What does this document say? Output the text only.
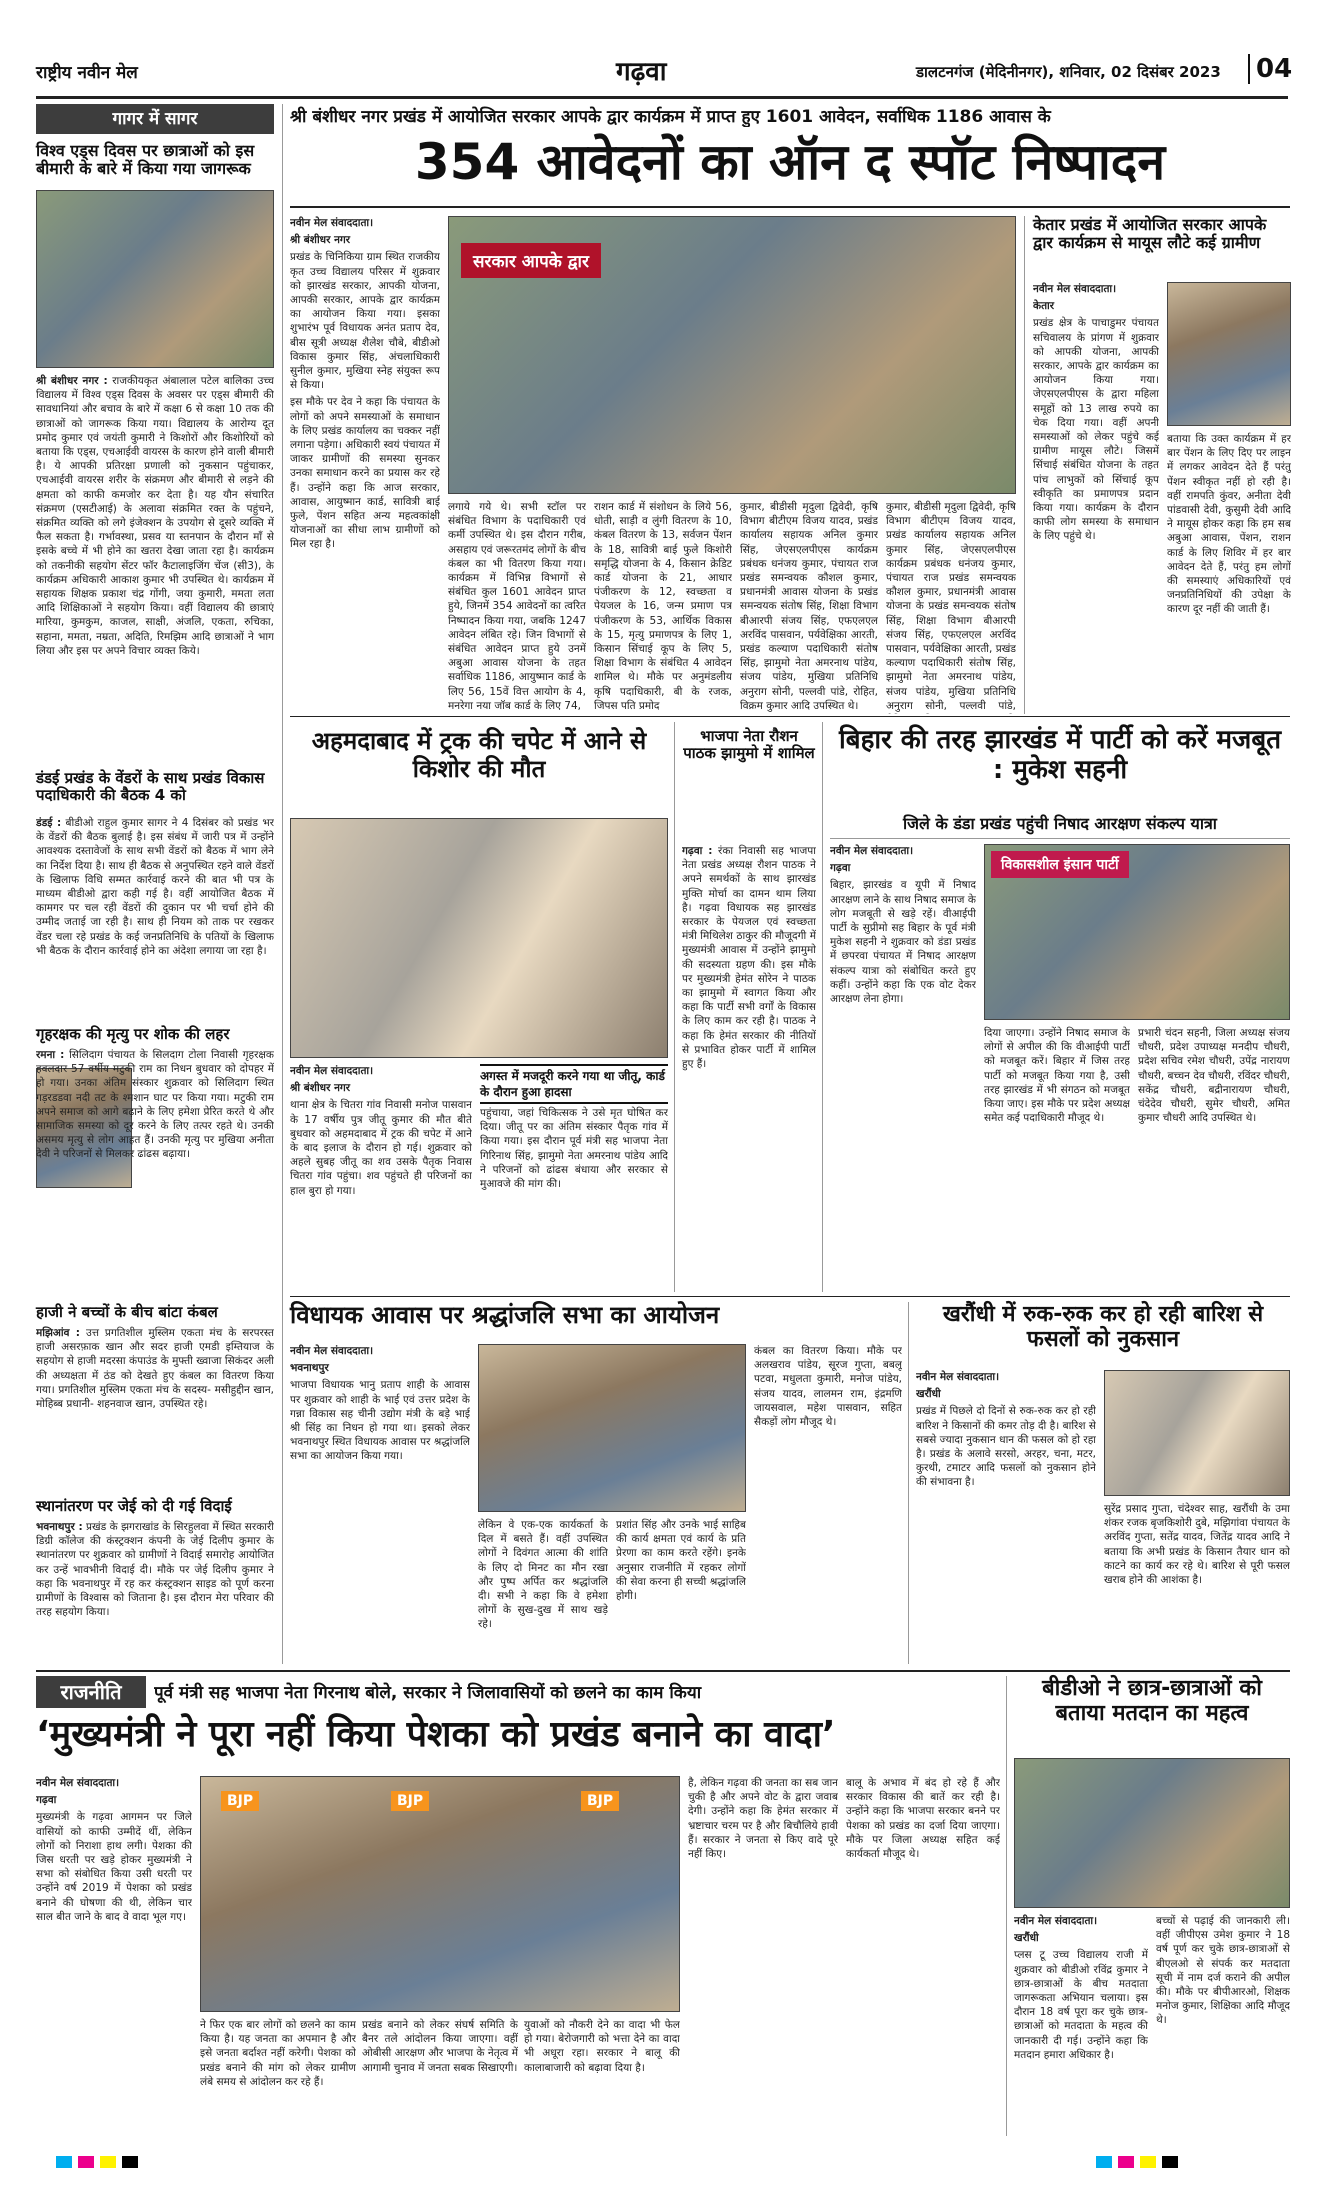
राष्ट्रीय नवीन मेल	गढ़वा	डालटनगंज (मेदिनीनगर), शनिवार, 02 दिसंबर 2023	04
गागर में सागर
विश्व एड्स दिवस पर छात्राओं को इस बीमारी के बारे में किया गया जागरूक
श्री बंशीधर नगर : राजकीयकृत अंबालाल पटेल बालिका उच्च विद्यालय में विश्व एड्स दिवस के अवसर पर एड्स बीमारी की सावधानियां और बचाव के बारे में कक्षा 6 से कक्षा 10 तक की छात्राओं को जागरूक किया गया। विद्यालय के आरोग्य दूत प्रमोद कुमार एवं जयंती कुमारी ने किशोरों और किशोरियों को बताया कि एड्स, एचआईवी वायरस के कारण होने वाली बीमारी है। ये आपकी प्रतिरक्षा प्रणाली को नुकसान पहुंचाकर, एचआईवी वायरस शरीर के संक्रमण और बीमारी से लड़ने की क्षमता को काफी कमजोर कर देता है। यह यौन संचारित संक्रमण (एसटीआई) के अलावा संक्रमित रक्त के पहुंचने, संक्रमित व्यक्ति को लगे इंजेक्शन के उपयोग से दूसरे व्यक्ति में फैल सकता है। गर्भावस्था, प्रसव या स्तनपान के दौरान माँ से इसके बच्चे में भी होने का खतरा देखा जाता रहा है। कार्यक्रम को तकनीकी सहयोग सेंटर फॉर कैटालाइजिंग चेंज (सी3), के कार्यक्रम अधिकारी आकाश कुमार भी उपस्थित थे। कार्यक्रम में सहायक शिक्षक प्रकाश चंद्र गोंगी, जया कुमारी, ममता लता आदि शिक्षिकाओं ने सहयोग किया। वहीं विद्यालय की छात्राएं मारिया, कुमकुम, काजल, साक्षी, अंजलि, एकता, रुचिका, सहाना, ममता, नम्रता, अदिति, रिमझिम आदि छात्राओं ने भाग लिया और इस पर अपने विचार व्यक्त किये।
डंडई प्रखंड के वेंडरों के साथ प्रखंड विकास पदाधिकारी की बैठक 4 को
डंडई : बीडीओ राहुल कुमार सागर ने 4 दिसंबर को प्रखंड भर के वेंडरों की बैठक बुलाई है। इस संबंध में जारी पत्र में उन्होंने आवश्यक दस्तावेजों के साथ सभी वेंडरों को बैठक में भाग लेने का निर्देश दिया है। साथ ही बैठक से अनुपस्थित रहने वाले वेंडरों के खिलाफ विधि सम्मत कार्रवाई करने की बात भी पत्र के माध्यम बीडीओ द्वारा कही गई है। वहीं आयोजित बैठक में कामगर पर चल रही वेंडरों की दुकान पर भी चर्चा होने की उम्मीद जताई जा रही है। साथ ही नियम को ताक पर रखकर वेंडर चला रहे प्रखंड के कई जनप्रतिनिधि के पतियों के खिलाफ भी बैठक के दौरान कार्रवाई होने का अंदेशा लगाया जा रहा है।
गृहरक्षक की मृत्यु पर शोक की लहर
रमना : सिलिदाग पंचायत के सिलदाग टोला निवासी गृहरक्षक हवलदार 57 वर्षीय मटुकी राम का निधन बुधवार को दोपहर में हो गया। उनका अंतिम संस्कार शुक्रवार को सिलिदाग स्थित गड़रडडवा नदी तट के श्मशान घाट पर किया गया। मटुकी राम अपने समाज को आगे बढ़ाने के लिए हमेशा प्रेरित करते थे और सामाजिक समस्या को दूर करने के लिए तत्पर रहते थे। उनकी असमय मृत्यु से लोग आहत हैं। उनकी मृत्यु पर मुखिया अनीता देवी ने परिजनों से मिलकर ढांढस बढ़ाया।
हाजी ने बच्चों के बीच बांटा कंबल
मझिआंव : उत्त प्रगतिशील मुस्लिम एकता मंच के सरपरस्त हाजी असरफ़ाक खान और सदर हाजी एमडी इम्तियाज के सहयोग से हाजी मदरसा कंपाउंड के मुफ्ती ख्वाजा सिकंदर अली की अध्यक्षता में ठंड को देखते हुए कंबल का वितरण किया गया। प्रगतिशील मुस्लिम एकता मंच के सदस्य- मसीहुद्दीन खान, मोहिब्ब प्रधानी- शहनवाज खान, उपस्थित रहे।
स्थानांतरण पर जेई को दी गई विदाई
भवनाथपुर : प्रखंड के झगराखांड के सिरहुलवा में स्थित सरकारी डिग्री कॉलेज की कंस्ट्रक्शन कंपनी के जेई दिलीप कुमार के स्थानांतरण पर शुक्रवार को ग्रामीणों ने विदाई समारोह आयोजित कर उन्हें भावभीनी विदाई दी। मौके पर जेई दिलीप कुमार ने कहा कि भवनाथपुर में रह कर कंस्ट्रक्शन साइड को पूर्ण करना ग्रामीणों के विश्वास को जिताना है। इस दौरान मेरा परिवार की तरह सहयोग किया।
श्री बंशीधर नगर प्रखंड में आयोजित सरकार आपके द्वार कार्यक्रम में प्राप्त हुए 1601 आवेदन, सर्वाधिक 1186 आवास के
354 आवेदनों का ऑन द स्पॉट निष्पादन
नवीन मेल संवाददाता।
श्री बंशीधर नगर
प्रखंड के चिनिकिया ग्राम स्थित राजकीय कृत उच्च विद्यालय परिसर में शुक्रवार को झारखंड सरकार, आपकी योजना, आपकी सरकार, आपके द्वार कार्यक्रम का आयोजन किया गया। इसका शुभारंभ पूर्व विधायक अनंत प्रताप देव, बीस सूत्री अध्यक्ष शैलेश चौबे, बीडीओ विकास कुमार सिंह, अंचलाधिकारी सुनील कुमार, मुखिया स्नेह संयुक्त रूप से किया।
इस मौके पर देव ने कहा कि पंचायत के लोगों को अपने समस्याओं के समाधान के लिए प्रखंड कार्यालय का चक्कर नहीं लगाना पड़ेगा। अधिकारी स्वयं पंचायत में जाकर ग्रामीणों की समस्या सुनकर उनका समाधान करने का प्रयास कर रहे हैं। उन्होंने कहा कि आज सरकार, आवास, आयुष्मान कार्ड, सावित्री बाई फुले, पेंशन सहित अन्य महत्वकांक्षी योजनाओं का सीधा लाभ ग्रामीणों को मिल रहा है।
सरकार आपके द्वार
लगाये गये थे। सभी स्टॉल पर संबंधित विभाग के पदाधिकारी एवं कर्मी उपस्थित थे। इस दौरान गरीब, असहाय एवं जरूरतमंद लोगों के बीच कंबल का भी वितरण किया गया। कार्यक्रम में विभिन्न विभागों से संबंधित कुल 1601 आवेदन प्राप्त हुये, जिनमें 354 आवेदनों का त्वरित निष्पादन किया गया, जबकि 1247 आवेदन लंबित रहे। जिन विभागों से संबंधित आवेदन प्राप्त हुये उनमें अबुआ आवास योजना के तहत सर्वाधिक 1186, आयुष्मान कार्ड के लिए 56, 15वें वित्त आयोग के 4, मनरेगा नया जॉब कार्ड के लिए 74,
राशन कार्ड में संशोधन के लिये 56, धोती, साड़ी व लुंगी वितरण के 10, कंबल वितरण के 13, सर्वजन पेंशन के 18, सावित्री बाई फुले किशोरी समृद्धि योजना के 4, किसान क्रेडिट कार्ड योजना के 21, आधार पंजीकरण के 12, स्वच्छता व पेयजल के 16, जन्म प्रमाण पत्र पंजीकरण के 53, आर्थिक विकास के 15, मृत्यु प्रमाणपत्र के लिए 1, किसान सिंचाई कूप के लिए 5, शिक्षा विभाग के संबंधित 4 आवेदन शामिल थे। मौके पर अनुमंडलीय कृषि पदाधिकारी, बी के रजक, जिपस पति प्रमोद
कुमार, बीडीसी मृदुला द्विवेदी, कृषि विभाग बीटीएम विजय यादव, प्रखंड कार्यालय सहायक अनिल कुमार सिंह, जेएसएलपीएस कार्यक्रम प्रबंधक धनंजय कुमार, पंचायत राज प्रखंड समन्वयक कौशल कुमार, प्रधानमंत्री आवास योजना के प्रखंड समन्वयक संतोष सिंह, शिक्षा विभाग बीआरपी संजय सिंह, एफएलएल अरविंद पासवान, पर्यवेक्षिका आरती, प्रखंड कल्याण पदाधिकारी संतोष सिंह, झामुमो नेता अमरनाथ पांडेय, संजय पांडेय, मुखिया प्रतिनिधि अनुराग सोनी, पल्लवी पांडे, रोहित, विक्रम कुमार आदि उपस्थित थे।
कुमार, बीडीसी मृदुला द्विवेदी, कृषि विभाग बीटीएम विजय यादव, प्रखंड कार्यालय सहायक अनिल कुमार सिंह, जेएसएलपीएस कार्यक्रम प्रबंधक धनंजय कुमार, पंचायत राज प्रखंड समन्वयक कौशल कुमार, प्रधानमंत्री आवास योजना के प्रखंड समन्वयक संतोष सिंह, शिक्षा विभाग बीआरपी संजय सिंह, एफएलएल अरविंद पासवान, पर्यवेक्षिका आरती, प्रखंड कल्याण पदाधिकारी संतोष सिंह, झामुमो नेता अमरनाथ पांडेय, संजय पांडेय, मुखिया प्रतिनिधि अनुराग सोनी, पल्लवी पांडे,
केतार प्रखंड में आयोजित सरकार आपके द्वार कार्यक्रम से मायूस लौटे कई ग्रामीण
नवीन मेल संवाददाता।
केतार
प्रखंड क्षेत्र के पाचाडुमर पंचायत सचिवालय के प्रांगण में शुक्रवार को आपकी योजना, आपकी सरकार, आपके द्वार कार्यक्रम का आयोजन किया गया। जेएसएलपीएस के द्वारा महिला समूहों को 13 लाख रुपये का चेक दिया गया। वहीं अपनी समस्याओं को लेकर पहुंचे कई ग्रामीण मायूस लौटे। जिसमें सिंचाई संबंधित योजना के तहत पांच लाभुकों को सिंचाई कूप स्वीकृति का प्रमाणपत्र प्रदान किया गया। कार्यक्रम के दौरान काफी लोग समस्या के समाधान के लिए पहुंचे थे।
बताया कि उक्त कार्यक्रम में हर बार पेंशन के लिए दिए पर लाइन में लगकर आवेदन देते हैं परंतु पेंशन स्वीकृत नहीं हो रही है। वहीं रामपति कुंवर, अनीता देवी पांडवासी देवी, कुसुमी देवी आदि ने मायूस होकर कहा कि हम सब अबुआ आवास, पेंशन, राशन कार्ड के लिए शिविर में हर बार आवेदन देते हैं, परंतु हम लोगों की समस्याएं अधिकारियों एवं जनप्रतिनिधियों की उपेक्षा के कारण दूर नहीं की जाती हैं।
अहमदाबाद में ट्रक की चपेट में आने से किशोर की मौत
नवीन मेल संवाददाता।
श्री बंशीधर नगर
थाना क्षेत्र के चितरा गांव निवासी मनोज पासवान के 17 वर्षीय पुत्र जीतू कुमार की मौत बीते बुधवार को अहमदाबाद में ट्रक की चपेट में आने के बाद इलाज के दौरान हो गई। शुक्रवार को अहले सुबह जीतू का शव उसके पैतृक निवास चितरा गांव पहुंचा। शव पहुंचते ही परिजनों का हाल बुरा हो गया।
अगस्त में मजदूरी करने गया था जीतू, कार्ड के दौरान हुआ हादसा
पहुंचाया, जहां चिकित्सक ने उसे मृत घोषित कर दिया। जीतू पर का अंतिम संस्कार पैतृक गांव में किया गया। इस दौरान पूर्व मंत्री सह भाजपा नेता गिरिनाथ सिंह, झामुमो नेता अमरनाथ पांडेय आदि ने परिजनों को ढांढस बंधाया और सरकार से मुआवजे की मांग की।
भाजपा नेता रौशन पाठक झामुमो में शामिल
गढ़वा : रंका निवासी सह भाजपा नेता प्रखंड अध्यक्ष रौशन पाठक ने अपने समर्थकों के साथ झारखंड मुक्ति मोर्चा का दामन थाम लिया है। गढ़वा विधायक सह झारखंड सरकार के पेयजल एवं स्वच्छता मंत्री मिथिलेश ठाकुर की मौजूदगी में मुख्यमंत्री आवास में उन्होंने झामुमो की सदस्यता ग्रहण की। इस मौके पर मुख्यमंत्री हेमंत सोरेन ने पाठक का झामुमो में स्वागत किया और कहा कि पार्टी सभी वर्गों के विकास के लिए काम कर रही है। पाठक ने कहा कि हेमंत सरकार की नीतियों से प्रभावित होकर पार्टी में शामिल हुए हैं।
बिहार की तरह झारखंड में पार्टी को करें मजबूत : मुकेश सहनी
जिले के डंडा प्रखंड पहुंची निषाद आरक्षण संकल्प यात्रा
नवीन मेल संवाददाता।
गढ़वा
बिहार, झारखंड व यूपी में निषाद आरक्षण लाने के साथ निषाद समाज के लोग मजबूती से खड़े रहें। वीआईपी पार्टी के सुप्रीमो सह बिहार के पूर्व मंत्री मुकेश सहनी ने शुक्रवार को डंडा प्रखंड में छपरवा पंचायत में निषाद आरक्षण संकल्प यात्रा को संबोधित करते हुए कहीं। उन्होंने कहा कि एक वोट देकर आरक्षण लेना होगा।
विकासशील इंसान पार्टी
दिया जाएगा। उन्होंने निषाद समाज के लोगों से अपील की कि वीआईपी पार्टी को मजबूत करें। बिहार में जिस तरह पार्टी को मजबूत किया गया है, उसी तरह झारखंड में भी संगठन को मजबूत किया जाए। इस मौके पर प्रदेश अध्यक्ष समेत कई पदाधिकारी मौजूद थे।
प्रभारी चंदन सहनी, जिला अध्यक्ष संजय चौधरी, प्रदेश उपाध्यक्ष मनदीप चौधरी, प्रदेश सचिव रमेश चौधरी, उपेंद्र नारायण चौधरी, बच्चन देव चौधरी, रविंदर चौधरी, सकेंद्र चौधरी, बद्रीनारायण चौधरी, चंदेदेव चौधरी, सुमेर चौधरी, अमित कुमार चौधरी आदि उपस्थित थे।
विधायक आवास पर श्रद्धांजलि सभा का आयोजन
नवीन मेल संवाददाता।
भवनाथपुर
भाजपा विधायक भानु प्रताप शाही के आवास पर शुक्रवार को शाही के भाई एवं उत्तर प्रदेश के गन्ना विकास सह चीनी उद्योग मंत्री के बड़े भाई श्री सिंह का निधन हो गया था। इसको लेकर भवनाथपुर स्थित विधायक आवास पर श्रद्धांजलि सभा का आयोजन किया गया।
लेकिन वे एक-एक कार्यकर्ता के दिल में बसते हैं। वहीं उपस्थित लोगों ने दिवंगत आत्मा की शांति के लिए दो मिनट का मौन रखा और पुष्प अर्पित कर श्रद्धांजलि दी। सभी ने कहा कि वे हमेशा लोगों के सुख-दुख में साथ खड़े रहे।
प्रशांत सिंह और उनके भाई साहिब की कार्य क्षमता एवं कार्य के प्रति प्रेरणा का काम करते रहेंगे। इनके अनुसार राजनीति में रहकर लोगों की सेवा करना ही सच्ची श्रद्धांजलि होगी।
कंबल का वितरण किया। मौके पर अलखराव पांडेय, सूरज गुप्ता, बबलू पटवा, मधुलता कुमारी, मनोज पांडेय, संजय यादव, लालमन राम, इंद्रमणि जायसवाल, महेश पासवान, सहित सैकड़ों लोग मौजूद थे।
खरौंधी में रुक-रुक कर हो रही बारिश से फसलों को नुकसान
नवीन मेल संवाददाता।
खरौंधी
प्रखंड में पिछले दो दिनों से रुक-रुक कर हो रही बारिश ने किसानों की कमर तोड़ दी है। बारिश से सबसे ज्यादा नुकसान धान की फसल को हो रहा है। प्रखंड के अलावे सरसो, अरहर, चना, मटर, कुरथी, टमाटर आदि फसलों को नुकसान होने की संभावना है।
सुरेंद्र प्रसाद गुप्ता, चंदेश्वर साह, खरौंधी के उमा शंकर रजक बृजकिशोरी दुबे, मझिगांवा पंचायत के अरविंद गुप्ता, सतेंद्र यादव, जितेंद्र यादव आदि ने बताया कि अभी प्रखंड के किसान तैयार धान को काटने का कार्य कर रहे थे। बारिश से पूरी फसल खराब होने की आशंका है।
राजनीति	पूर्व मंत्री सह भाजपा नेता गिरनाथ बोले, सरकार ने जिलावासियों को छलने का काम किया
‘मुख्यमंत्री ने पूरा नहीं किया पेशका को प्रखंड बनाने का वादा’
नवीन मेल संवाददाता।
गढ़वा
मुख्यमंत्री के गढ़वा आगमन पर जिले वासियों को काफी उम्मीदें थीं, लेकिन लोगों को निराशा हाथ लगी। पेशका की जिस धरती पर खड़े होकर मुख्यमंत्री ने सभा को संबोधित किया उसी धरती पर उन्होंने वर्ष 2019 में पेशका को प्रखंड बनाने की घोषणा की थी, लेकिन चार साल बीत जाने के बाद वे वादा भूल गए।
BJP	BJP	BJP
ने फिर एक बार लोगों को छलने का काम किया है। यह जनता का अपमान है और इसे जनता बर्दाश्त नहीं करेगी। पेशका को प्रखंड बनाने की मांग को लेकर ग्रामीण लंबे समय से आंदोलन कर रहे हैं।
प्रखंड बनाने को लेकर संघर्ष समिति के बैनर तले आंदोलन किया जाएगा। वहीं ओबीसी आरक्षण और भाजपा के नेतृत्व में आगामी चुनाव में जनता सबक सिखाएगी।
युवाओं को नौकरी देने का वादा भी फेल हो गया। बेरोजगारी को भत्ता देने का वादा भी अधूरा रहा। सरकार ने बालू की कालाबाजारी को बढ़ावा दिया है।
है, लेकिन गढ़वा की जनता का सब जान चुकी है और अपने वोट के द्वारा जवाब देगी। उन्होंने कहा कि हेमंत सरकार में भ्रष्टाचार चरम पर है और बिचौलिये हावी हैं। सरकार ने जनता से किए वादे पूरे नहीं किए।
बालू के अभाव में बंद हो रहे हैं और सरकार विकास की बातें कर रही है। उन्होंने कहा कि भाजपा सरकार बनने पर पेशका को प्रखंड का दर्जा दिया जाएगा। मौके पर जिला अध्यक्ष सहित कई कार्यकर्ता मौजूद थे।
बीडीओ ने छात्र-छात्राओं को बताया मतदान का महत्व
नवीन मेल संवाददाता।
खरौंधी
प्लस टू उच्च विद्यालय राजी में शुक्रवार को बीडीओ रविंद्र कुमार ने छात्र-छात्राओं के बीच मतदाता जागरूकता अभियान चलाया। इस दौरान 18 वर्ष पूरा कर चुके छात्र-छात्राओं को मतदाता के महत्व की जानकारी दी गई। उन्होंने कहा कि मतदान हमारा अधिकार है।
बच्चों से पढ़ाई की जानकारी ली। वहीं जीपीएस उमेश कुमार ने 18 वर्ष पूर्ण कर चुके छात्र-छात्राओं से बीएलओ से संपर्क कर मतदाता सूची में नाम दर्ज कराने की अपील की। मौके पर बीपीआरओ, शिक्षक मनोज कुमार, शिक्षिका आदि मौजूद थे।
